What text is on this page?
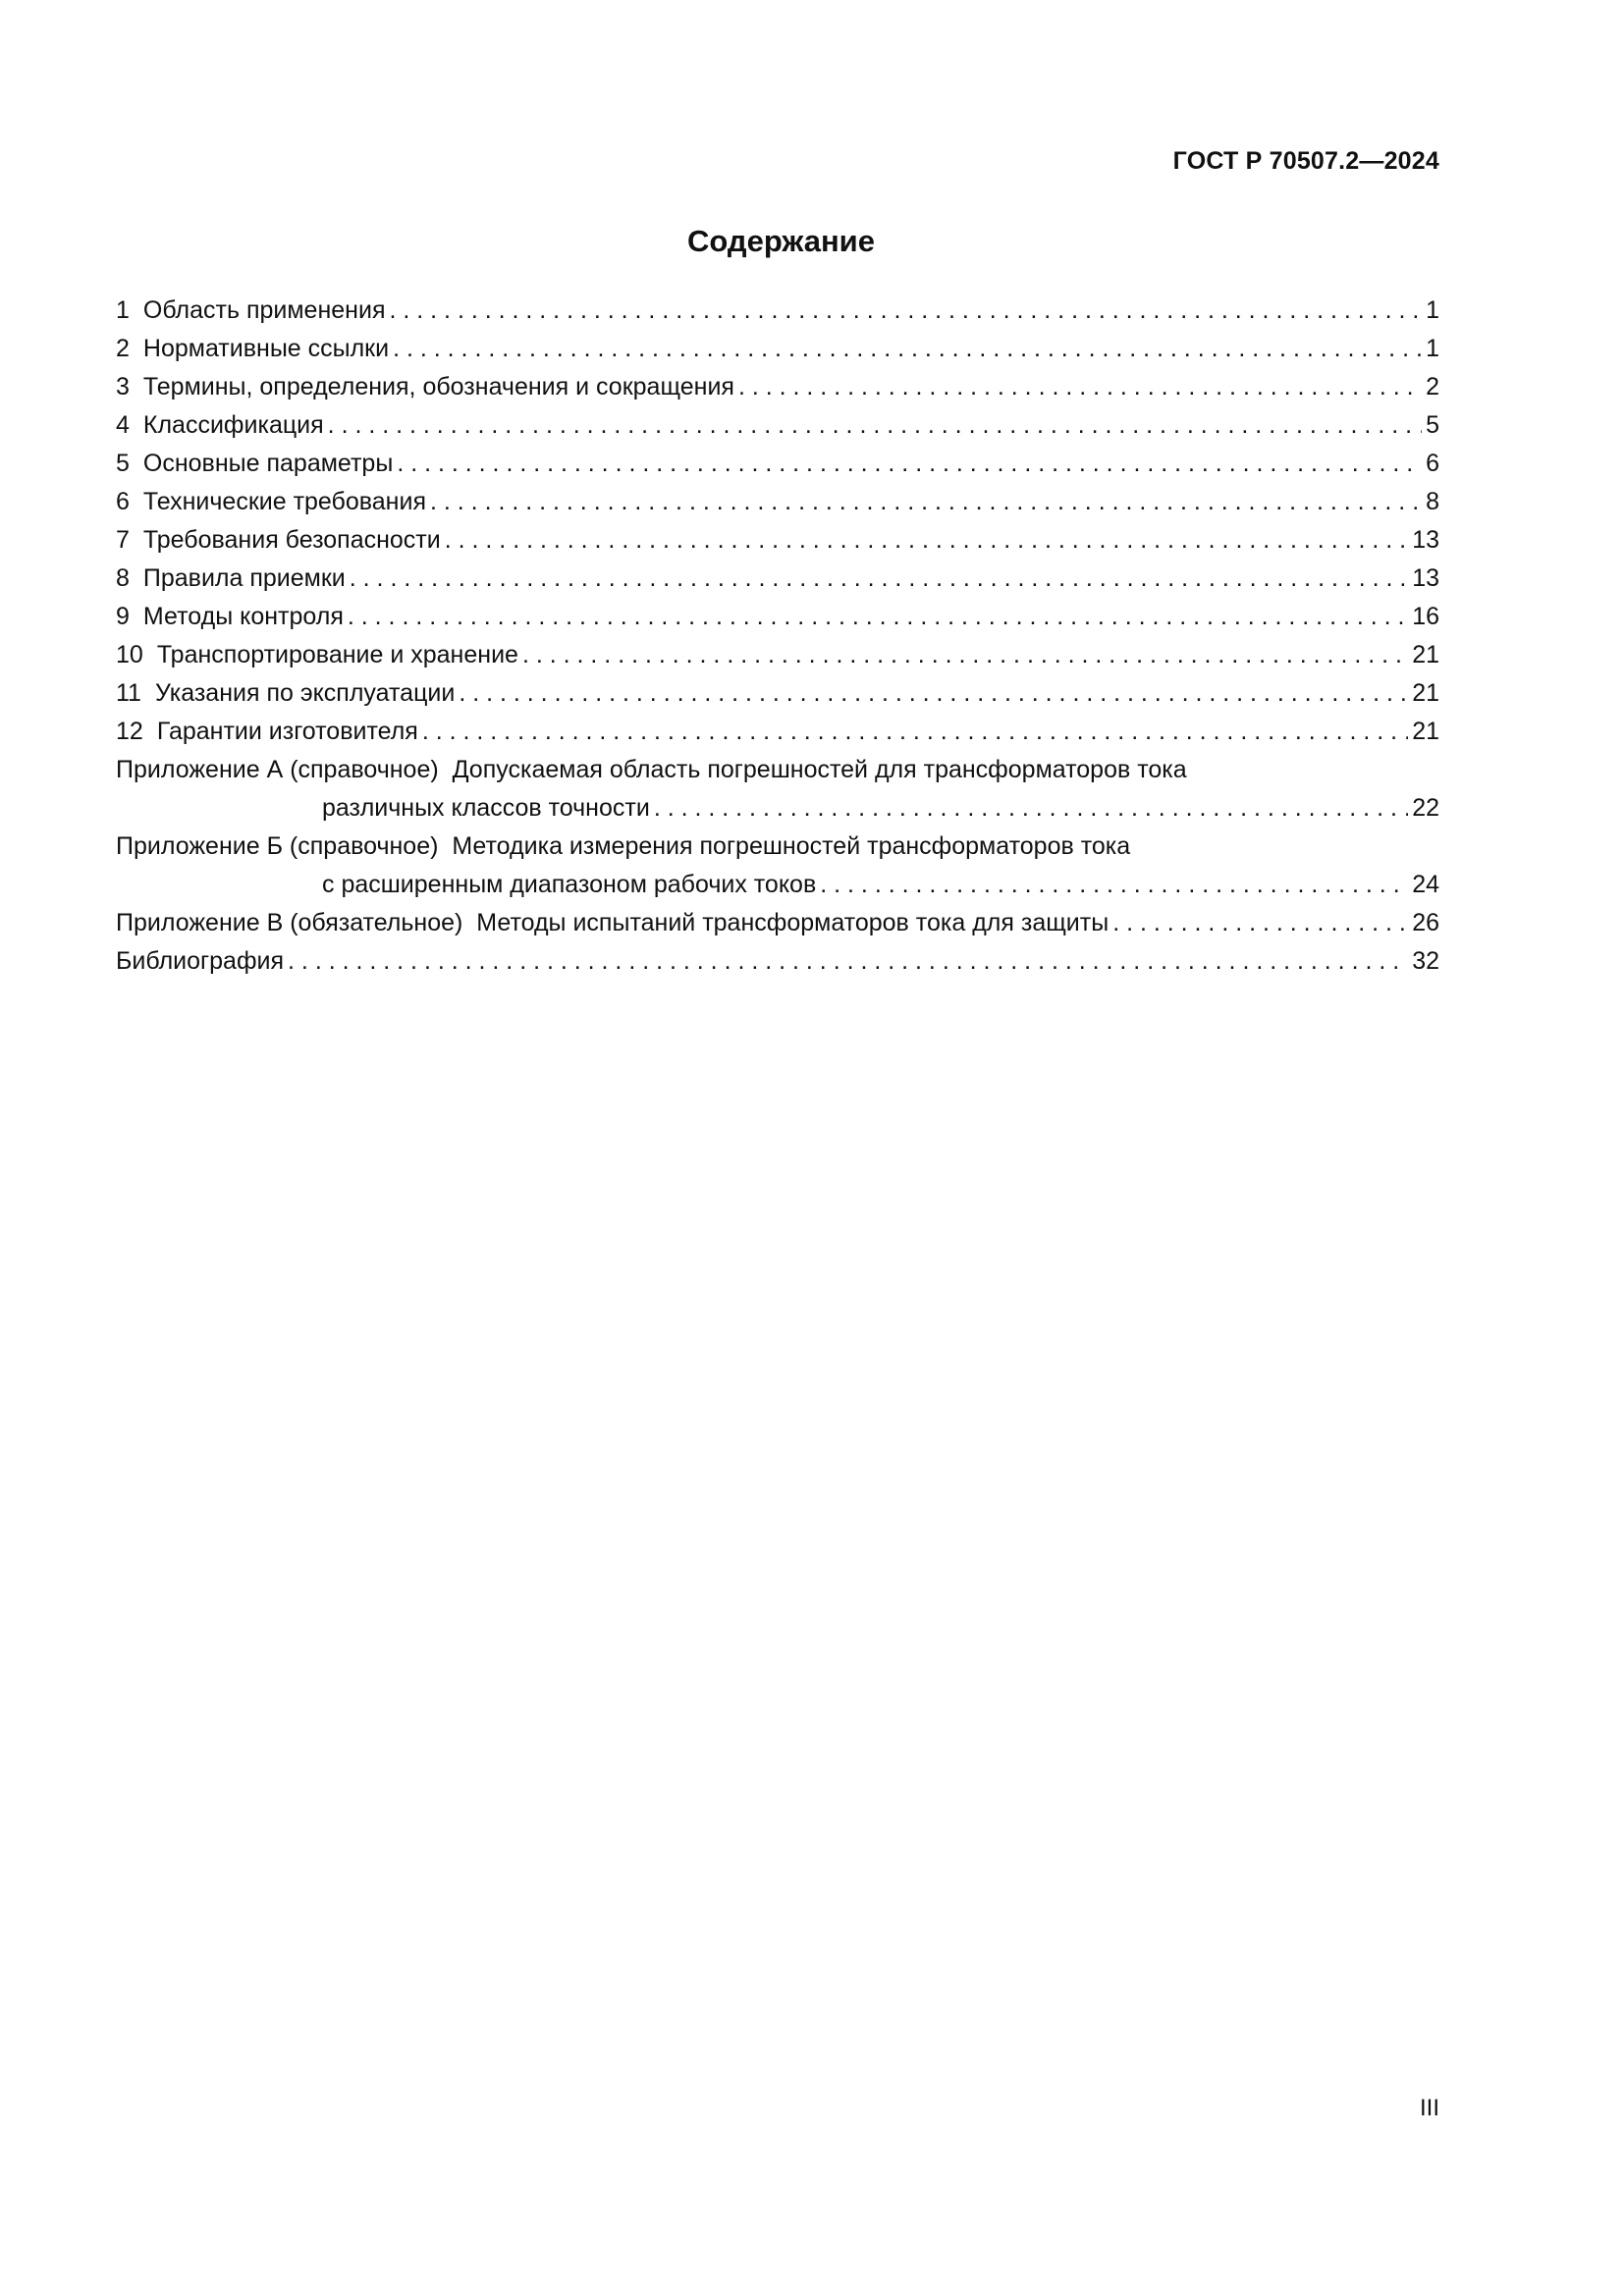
ГОСТ Р 70507.2—2024
Содержание
1 Область применения . . .	1
2 Нормативные ссылки . . .	1
3 Термины, определения, обозначения и сокращения . . .	2
4 Классификация . . .	5
5 Основные параметры . . .	6
6 Технические требования . . .	8
7 Требования безопасности . . .	13
8 Правила приемки . . .	13
9 Методы контроля . . .	16
10 Транспортирование и хранение . . .	21
11 Указания по эксплуатации . . .	21
12 Гарантии изготовителя . . .	21
Приложение А (справочное) Допускаемая область погрешностей для трансформаторов тока
различных классов точности . . .	22
Приложение Б (справочное) Методика измерения погрешностей трансформаторов тока
с расширенным диапазоном рабочих токов . . .	24
Приложение В (обязательное) Методы испытаний трансформаторов тока для защиты . . .	26
Библиография . . .	32
III
